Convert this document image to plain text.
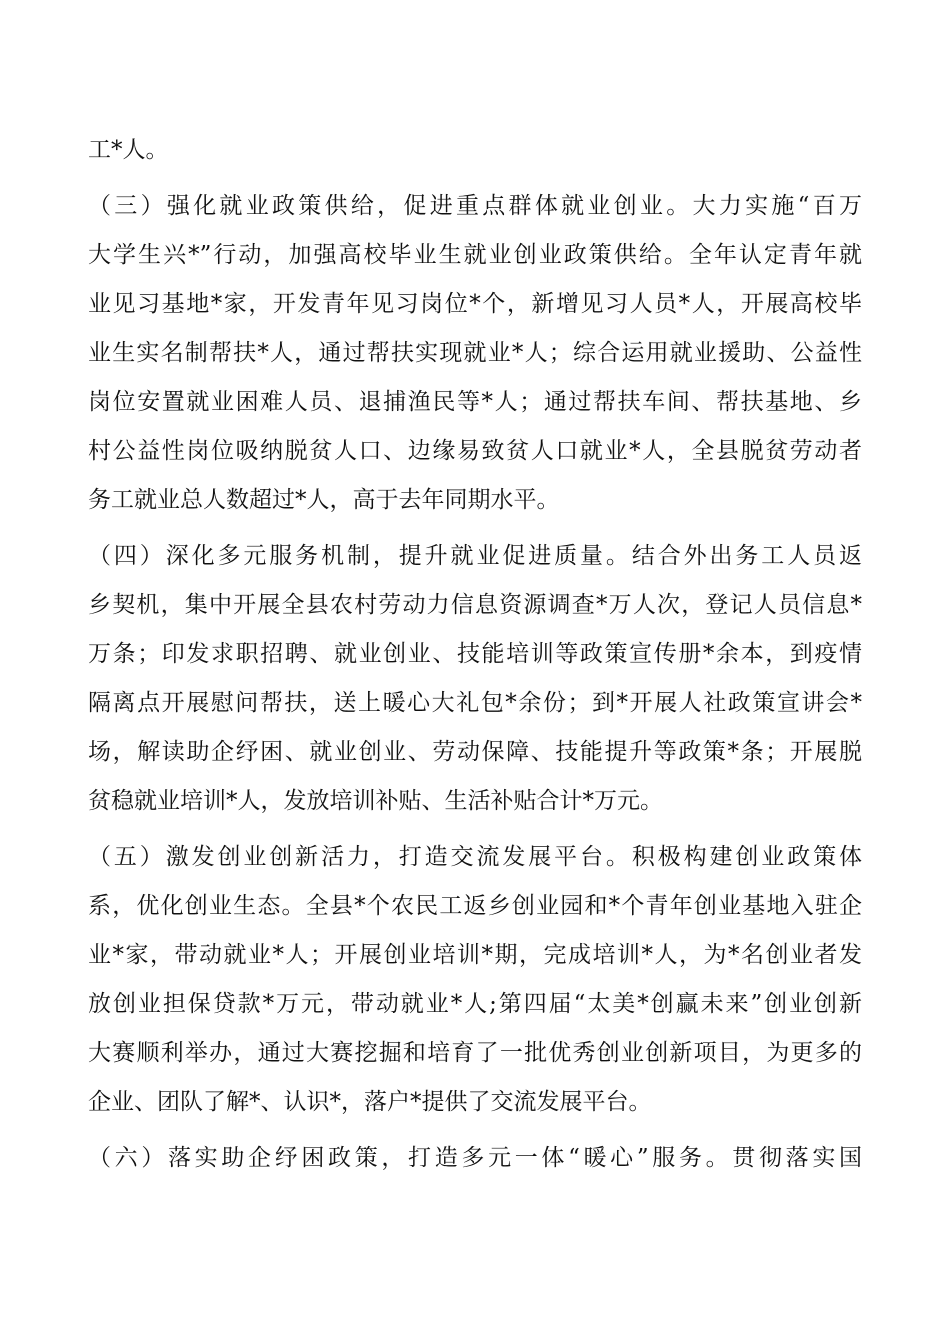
工*人。
（三）强化就业政策供给，促进重点群体就业创业。大力实施“百万
大学生兴*”行动，加强高校毕业生就业创业政策供给。全年认定青年就
业见习基地*家，开发青年见习岗位*个，新增见习人员*人，开展高校毕
业生实名制帮扶*人，通过帮扶实现就业*人；综合运用就业援助、公益性
岗位安置就业困难人员、退捕渔民等*人；通过帮扶车间、帮扶基地、乡
村公益性岗位吸纳脱贫人口、边缘易致贫人口就业*人，全县脱贫劳动者
务工就业总人数超过*人，高于去年同期水平。
（四）深化多元服务机制，提升就业促进质量。结合外出务工人员返
乡契机，集中开展全县农村劳动力信息资源调查*万人次，登记人员信息*
万条；印发求职招聘、就业创业、技能培训等政策宣传册*余本，到疫情
隔离点开展慰问帮扶，送上暖心大礼包*余份；到*开展人社政策宣讲会*
场，解读助企纾困、就业创业、劳动保障、技能提升等政策*条；开展脱
贫稳就业培训*人，发放培训补贴、生活补贴合计*万元。
（五）激发创业创新活力，打造交流发展平台。积极构建创业政策体
系，优化创业生态。全县*个农民工返乡创业园和*个青年创业基地入驻企
业*家，带动就业*人；开展创业培训*期，完成培训*人，为*名创业者发
放创业担保贷款*万元，带动就业*人;第四届“太美*创赢未来”创业创新
大赛顺利举办，通过大赛挖掘和培育了一批优秀创业创新项目，为更多的
企业、团队了解*、认识*，落户*提供了交流发展平台。
（六）落实助企纾困政策，打造多元一体“暖心”服务。贯彻落实国
